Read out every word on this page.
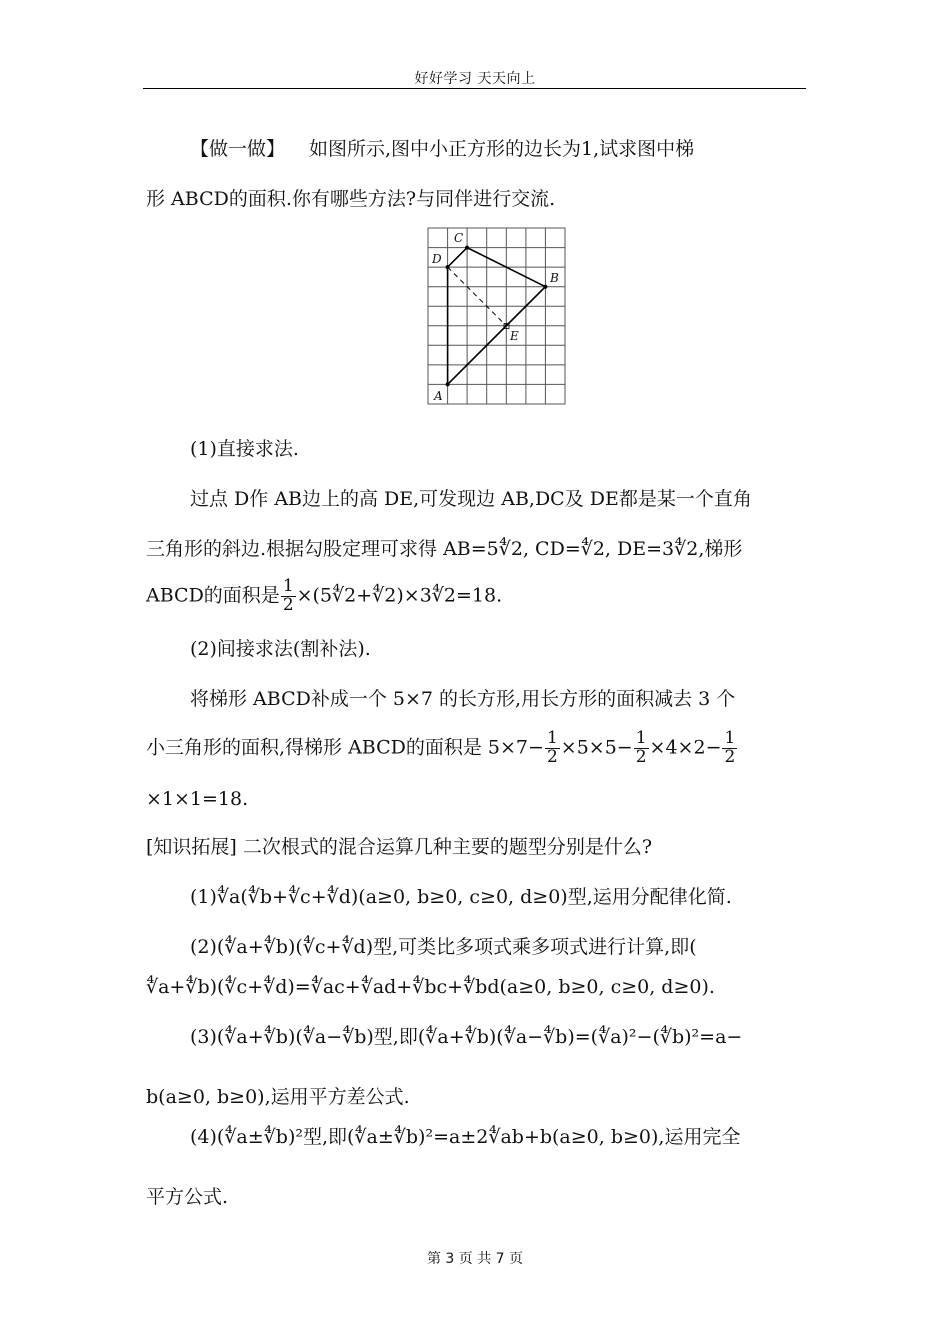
好好学习 天天向上
【做一做】 如图所示,图中小正方形的边长为1,试求图中梯
形 ABCD的面积.你有哪些方法?与同伴进行交流.
C
D
B
E
A
(1)直接求法.
过点 D作 AB边上的高 DE,可发现边 AB,DC及 DE都是某一个直角
三角形的斜边.根据勾股定理可求得 AB=5∜2, CD=∜2, DE=3∜2,梯形
ABCD的面积是 $\frac{1}{2}$ ×(5∜2+∜2)×3∜2=18.
(2)间接求法(割补法).
将梯形 ABCD补成一个 5×7 的长方形,用长方形的面积减去 3 个
小三角形的面积,得梯形 ABCD的面积是 $5\times 7- \frac{1}{2} \times 5\times 5- \frac{1}{2} \times 4\times 2- \frac{1}{2}$
×1×1=18.
[知识拓展] 二次根式的混合运算几种主要的题型分别是什么?
(1)∜a(∜b+∜c+∜d)(a≥0, b≥0, c≥0, d≥0)型,运用分配律化简.
(2)(∜a+∜b)(∜c+∜d)型,可类比多项式乘多项式进行计算,即(
∜a+∜b)(∜c+∜d)=∜ac+∜ad+∜bc+∜bd(a≥0, b≥0, c≥0, d≥0).
(3)(∜a+∜b)(∜a−∜b)型,即(∜a+∜b)(∜a−∜b)=(∜a)²−(∜b)²=a−
b(a≥0, b≥0),运用平方差公式.
(4)(∜a±∜b)²型,即(∜a±∜b)²=a±2∜ab+b(a≥0, b≥0),运用完全
平方公式.
第 3 页 共 7 页
